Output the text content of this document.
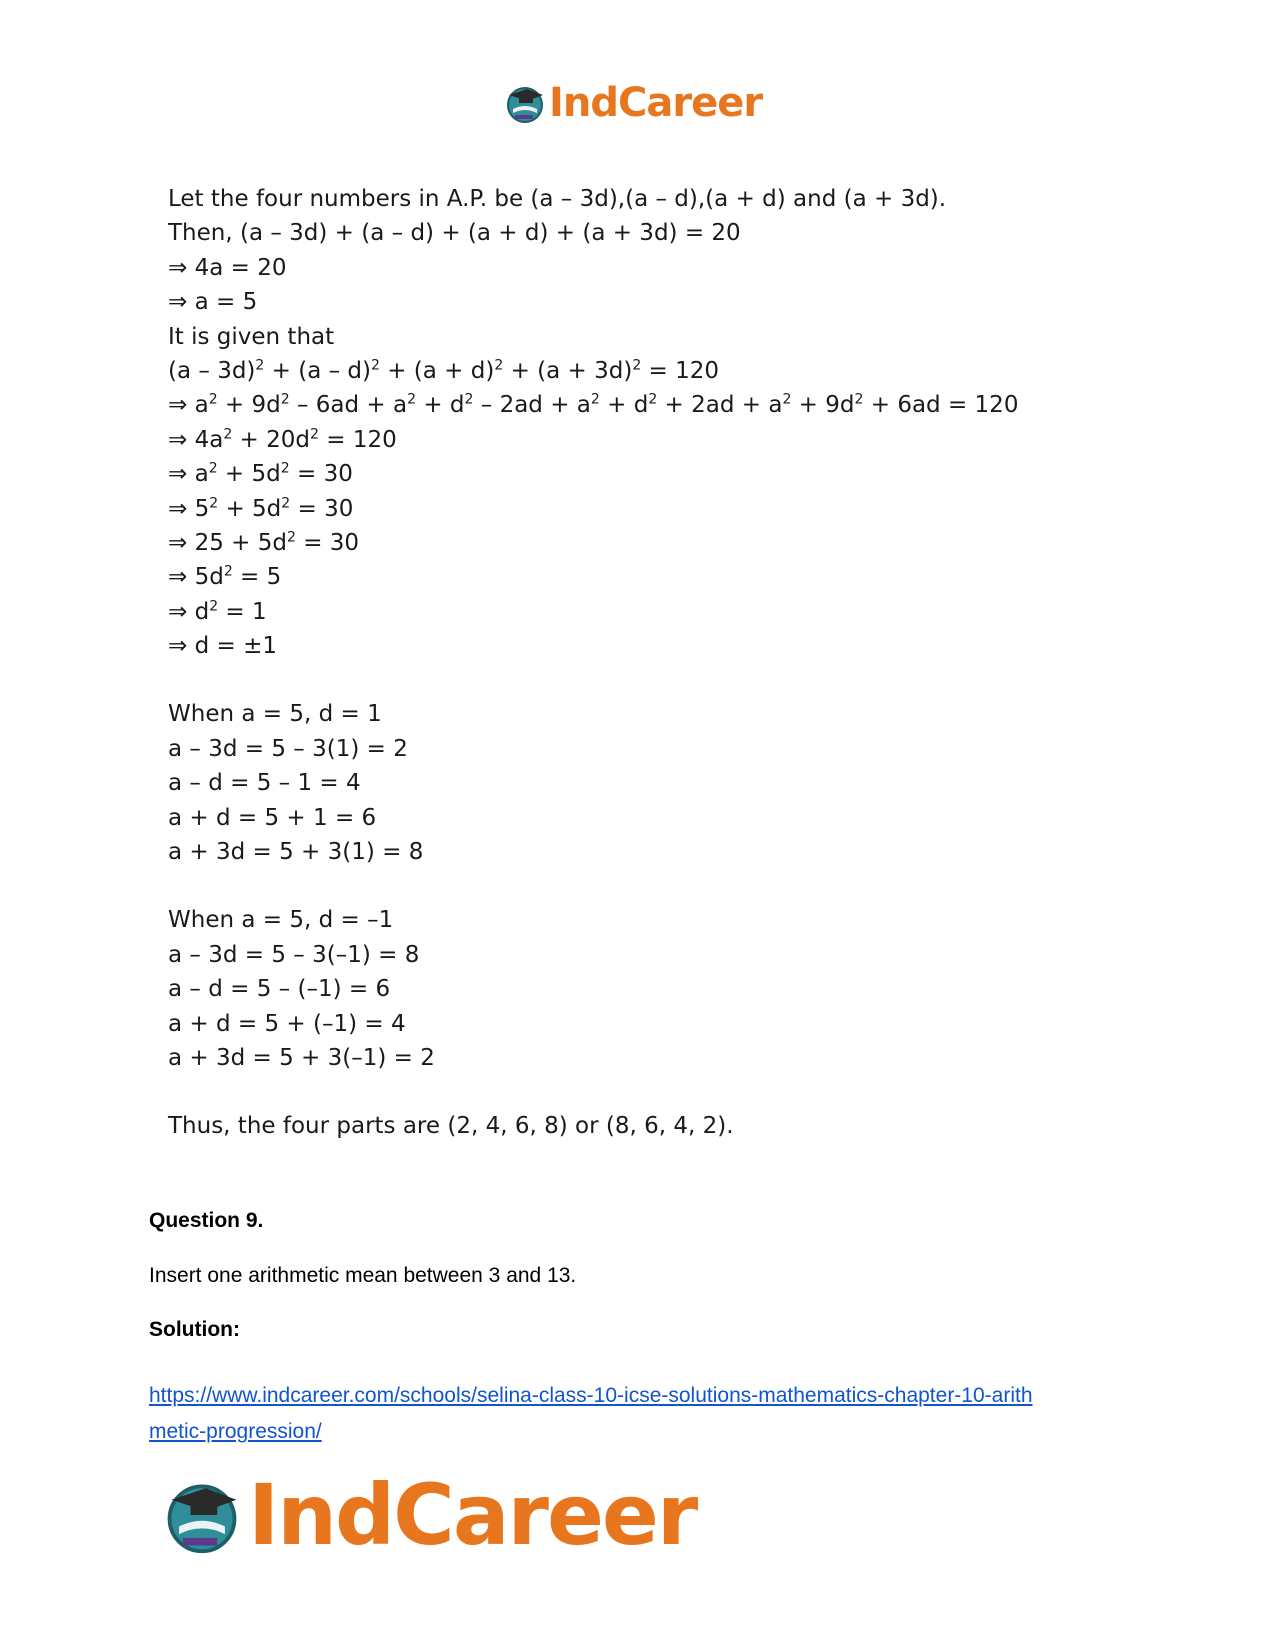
IndCareer
Let the four numbers in A.P. be (a – 3d),(a – d),(a + d) and (a + 3d).
Then, (a – 3d) + (a – d) + (a + d) + (a + 3d) = 20
⇒ 4a = 20
⇒ a = 5
It is given that
$(a - 3d)^2 + (a - d)^2 + (a + d)^2 + (a + 3d)^2 = 120$
⇒ $a^2 + 9d^2 - 6ad + a^2 + d^2 - 2ad + a^2 + d^2 + 2ad + a^2 + 9d^2 + 6ad = 120$
⇒ $4a^2 + 20d^2 = 120$
⇒ $a^2 + 5d^2 = 30$
⇒ $5^2 + 5d^2 = 30$
⇒ $25 + 5d^2 = 30$
⇒ $5d^2 = 5$
⇒ $d^2 = 1$
⇒ d = ±1
When a = 5, d = 1
a – 3d = 5 – 3(1) = 2
a – d = 5 – 1 = 4
a + d = 5 + 1 = 6
a + 3d = 5 + 3(1) = 8
When a = 5, d = –1
a – 3d = 5 – 3(–1) = 8
a – d = 5 – (–1) = 6
a + d = 5 + (–1) = 4
a + 3d = 5 + 3(–1) = 2
Thus, the four parts are (2, 4, 6, 8) or (8, 6, 4, 2).
Question 9.
Insert one arithmetic mean between 3 and 13.
Solution:
https://www.indcareer.com/schools/selina-class-10-icse-solutions-mathematics-chapter-10-arith
metic-progression/
IndCareer
